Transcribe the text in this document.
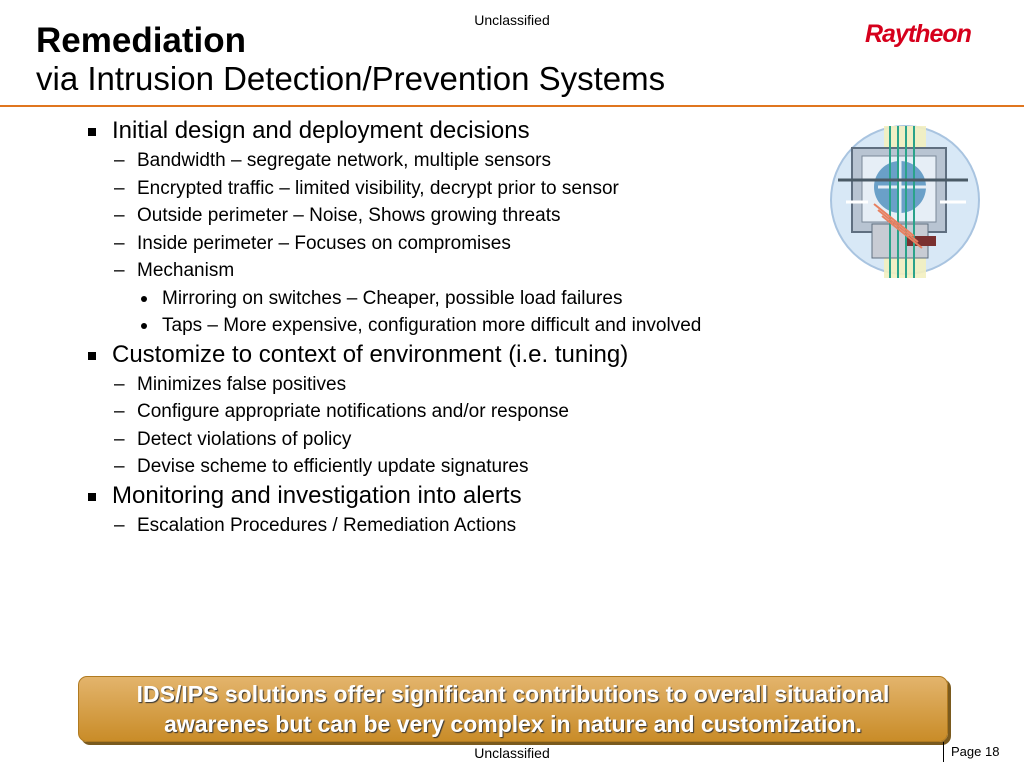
Unclassified
Remediation
via Intrusion Detection/Prevention Systems
Raytheon
Initial design and deployment decisions
– Bandwidth – segregate network, multiple sensors
– Encrypted traffic – limited visibility, decrypt prior to sensor
– Outside perimeter – Noise, Shows growing threats
– Inside perimeter – Focuses on compromises
– Mechanism
Mirroring on switches – Cheaper, possible load failures
Taps – More expensive, configuration more difficult and involved
Customize to context of environment (i.e. tuning)
– Minimizes false positives
– Configure appropriate notifications and/or response
– Detect violations of policy
– Devise scheme to efficiently update signatures
Monitoring and investigation into alerts
– Escalation Procedures / Remediation Actions
IDS/IPS solutions offer significant contributions to overall situational awarenes but can be very complex in nature and customization.
Unclassified	Page 18
